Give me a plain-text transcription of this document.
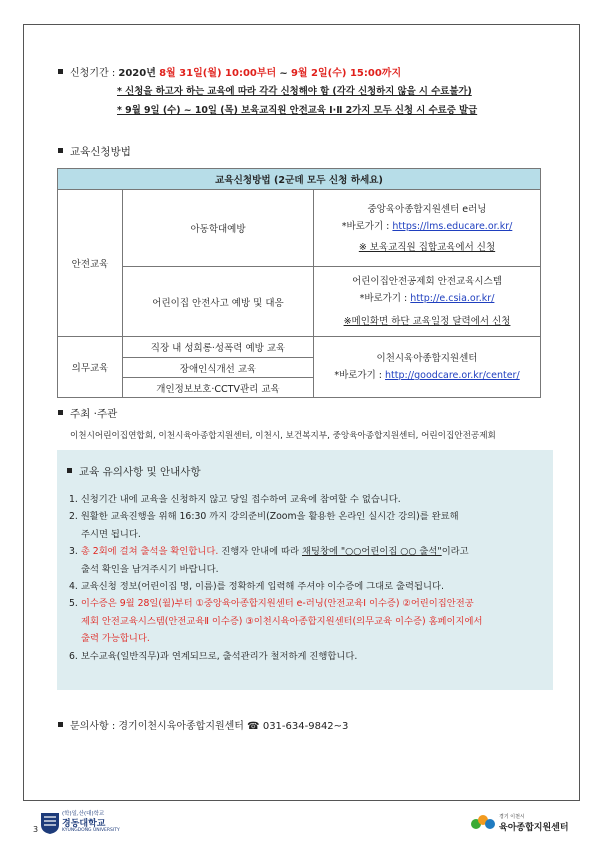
신청기간 : 2020년 8월 31일(월) 10:00부터 ~ 9월 2일(수) 15:00까지
* 신청을 하고자 하는 교육에 따라 각각 신청해야 함 (각각 신청하지 않을 시 수료불가)
* 9월 9일 (수) ~ 10일 (목) 보육교직원 안전교육 Ⅰ·Ⅱ 2가지 모두 신청 시 수료증 발급
교육신청방법
교육신청방법 (2군데 모두 신청 하세요)		
안전교육	아동학대예방	중앙육아종합지원센터 e러닝
*바로가기 : https://lms.educare.or.kr/
※ 보육교직원 집합교육에서 신청

	어린이집 안전사고 예방 및 대응	어린이집안전공제회 안전교육시스템
*바로가기 : http://e.csia.or.kr/
※메인화면 하단 교육일정 달력에서 신청

의무교육	직장 내 성희롱·성폭력 예방 교육	이천시육아종합지원센터
*바로가기 : http://goodcare.or.kr/center/

	장애인식개선 교육	
	개인정보보호·CCTV관리 교육	
주최 ·주관
이천시어린이집연합회, 이천시육아종합지원센터, 이천시, 보건복지부, 중앙육아종합지원센터, 어린이집안전공제회
교육 유의사항 및 안내사항
1. 신청기간 내에 교육을 신청하지 않고 당일 접수하여 교육에 참여할 수 없습니다.
2. 원활한 교육진행을 위해 16:30 까지 강의준비(Zoom을 활용한 온라인 실시간 강의)를 완료해
주시면 됩니다.
3. 총 2회에 걸쳐 출석을 확인합니다. 진행자 안내에 따라 채팅창에 "○○어린이집 ○○ 출석"이라고
출석 확인을 남겨주시기 바랍니다.
4. 교육신청 정보(어린이집 명, 이름)를 정확하게 입력해 주셔야 이수증에 그대로 출력됩니다.
5. 이수증은 9월 28일(월)부터 ①중앙육아종합지원센터 e-러닝(안전교육Ⅰ 이수증) ②어린이집안전공
제회 안전교육시스템(안전교육Ⅱ 이수증) ③이천시육아종합지원센터(의무교육 이수증) 홈페이지에서
출력 가능합니다.
6. 보수교육(일반직무)과 연계되므로, 출석관리가 철저하게 진행합니다.
문의사항 : 경기이천시육아종합지원센터 ☎ 031-634-9842~3
3
(학)일,산(대)학교
경동대학교
KYUNGDONG UNIVERSITY
경기 이천시
육아종합지원센터
